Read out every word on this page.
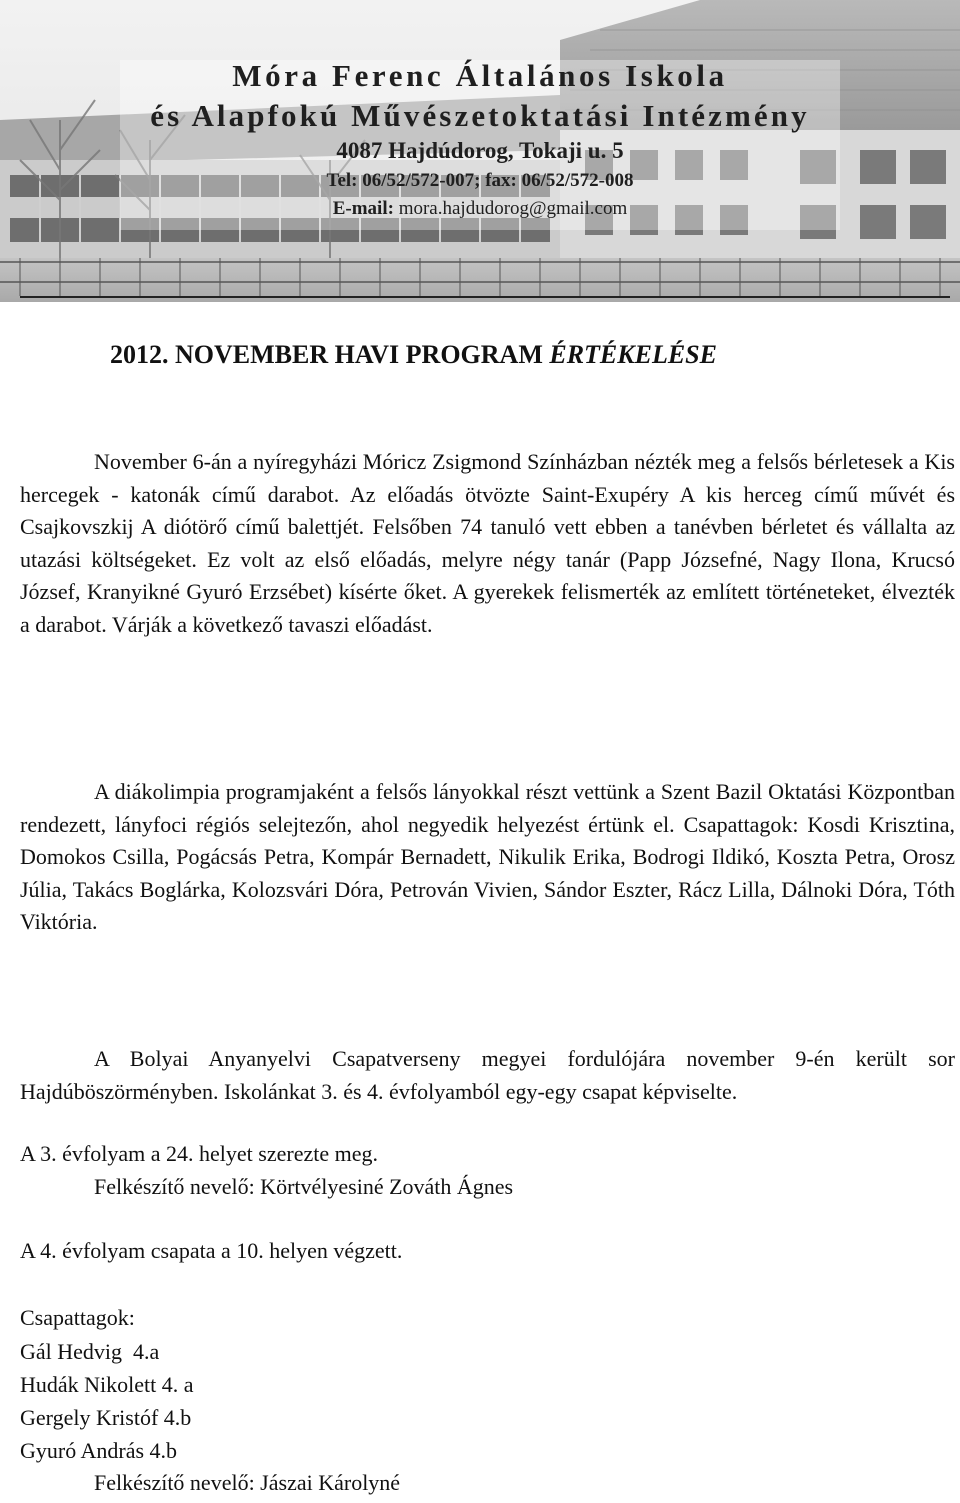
Móra Ferenc Általános Iskola
és Alapfokú Művészetoktatási Intézmény
4087 Hajdúdorog, Tokaji u. 5
Tel: 06/52/572-007; fax: 06/52/572-008
E-mail: mora.hajdudorog@gmail.com
2012. NOVEMBER HAVI PROGRAM ÉRTÉKELÉSE

November 6-án a nyíregyházi Móricz Zsigmond Színházban nézték meg a felsős bérletesek a Kis hercegek - katonák című darabot. Az előadás ötvözte Saint-Exupéry A kis herceg című művét és Csajkovszkij A diótörő című balettjét. Felsőben 74 tanuló vett ebben a tanévben bérletet és vállalta az utazási költségeket. Ez volt az első előadás, melyre négy tanár (Papp Józsefné, Nagy Ilona, Krucsó József, Kranyikné Gyuró Erzsébet) kísérte őket. A gyerekek felismerték az említett történeteket, élvezték a darabot. Várják a következő tavaszi előadást.

A diákolimpia programjaként a felsős lányokkal részt vettünk a Szent Bazil Oktatási Központban rendezett, lányfoci régiós selejtezőn, ahol negyedik helyezést értünk el. Csapattagok: Kosdi Krisztina, Domokos Csilla, Pogácsás Petra, Kompár Bernadett, Nikulik Erika, Bodrogi Ildikó, Koszta Petra, Orosz Júlia, Takács Boglárka, Kolozsvári Dóra, Petrován Vivien, Sándor Eszter, Rácz Lilla, Dálnoki Dóra, Tóth Viktória.

A Bolyai Anyanyelvi Csapatverseny megyei fordulójára november 9-én került sor Hajdúböszörményben. Iskolánkat 3. és 4. évfolyamból egy-egy csapat képviselte.

A 3. évfolyam a 24. helyet szerezte meg.
Felkészítő nevelő: Körtvélyesiné Zováth Ágnes
A 4. évfolyam csapata a 10. helyen végzett.
Csapattagok:
Gál Hedvig  4.a
Hudák Nikolett 4. a
Gergely Kristóf 4.b
Gyuró András 4.b
Felkészítő nevelő: Jászai Károlyné
